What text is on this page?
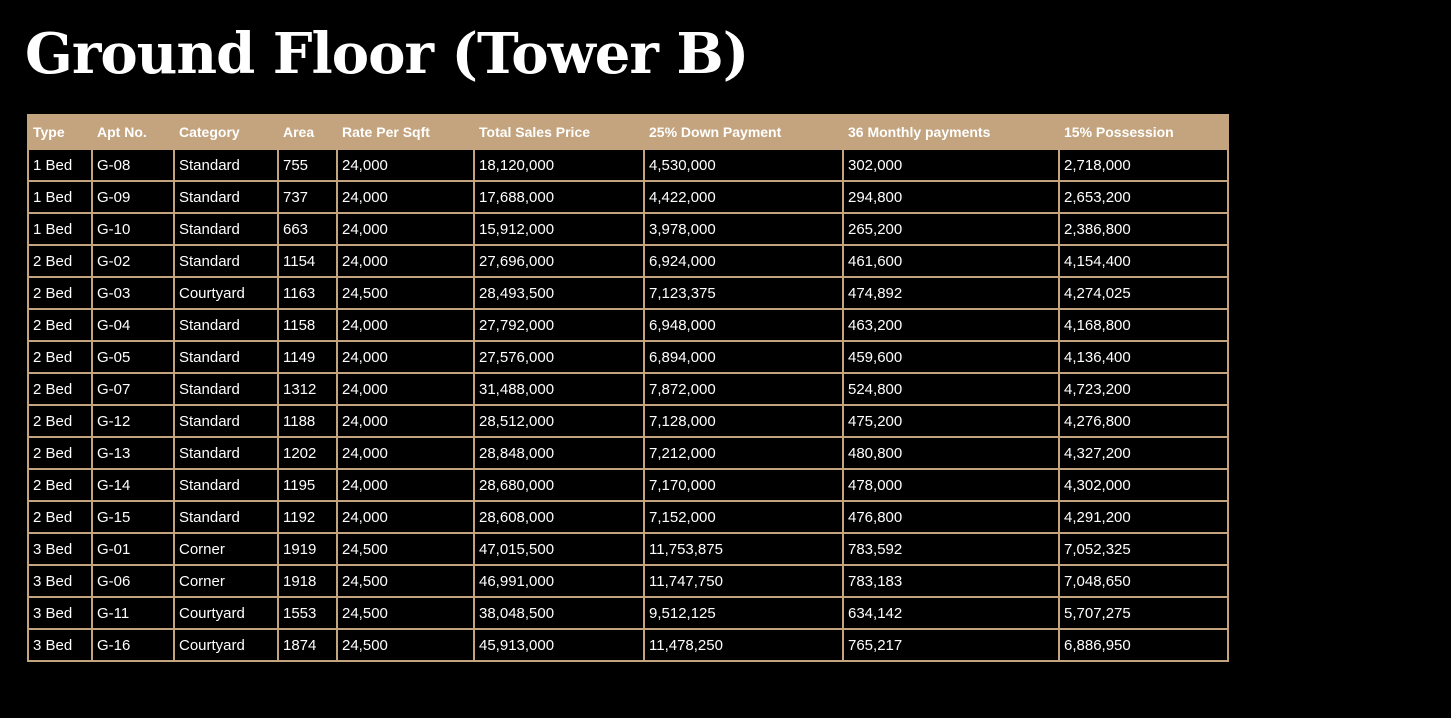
Ground Floor (Tower B)
Type	Apt No.	Category	Area	Rate Per Sqft	Total Sales Price	25% Down Payment	36 Monthly payments	15% Possession
1 Bed	G-08	Standard	755	24,000	18,120,000	4,530,000	302,000	2,718,000
1 Bed	G-09	Standard	737	24,000	17,688,000	4,422,000	294,800	2,653,200
1 Bed	G-10	Standard	663	24,000	15,912,000	3,978,000	265,200	2,386,800
2 Bed	G-02	Standard	1154	24,000	27,696,000	6,924,000	461,600	4,154,400
2 Bed	G-03	Courtyard	1163	24,500	28,493,500	7,123,375	474,892	4,274,025
2 Bed	G-04	Standard	1158	24,000	27,792,000	6,948,000	463,200	4,168,800
2 Bed	G-05	Standard	1149	24,000	27,576,000	6,894,000	459,600	4,136,400
2 Bed	G-07	Standard	1312	24,000	31,488,000	7,872,000	524,800	4,723,200
2 Bed	G-12	Standard	1188	24,000	28,512,000	7,128,000	475,200	4,276,800
2 Bed	G-13	Standard	1202	24,000	28,848,000	7,212,000	480,800	4,327,200
2 Bed	G-14	Standard	1195	24,000	28,680,000	7,170,000	478,000	4,302,000
2 Bed	G-15	Standard	1192	24,000	28,608,000	7,152,000	476,800	4,291,200
3 Bed	G-01	Corner	1919	24,500	47,015,500	11,753,875	783,592	7,052,325
3 Bed	G-06	Corner	1918	24,500	46,991,000	11,747,750	783,183	7,048,650
3 Bed	G-11	Courtyard	1553	24,500	38,048,500	9,512,125	634,142	5,707,275
3 Bed	G-16	Courtyard	1874	24,500	45,913,000	11,478,250	765,217	6,886,950
